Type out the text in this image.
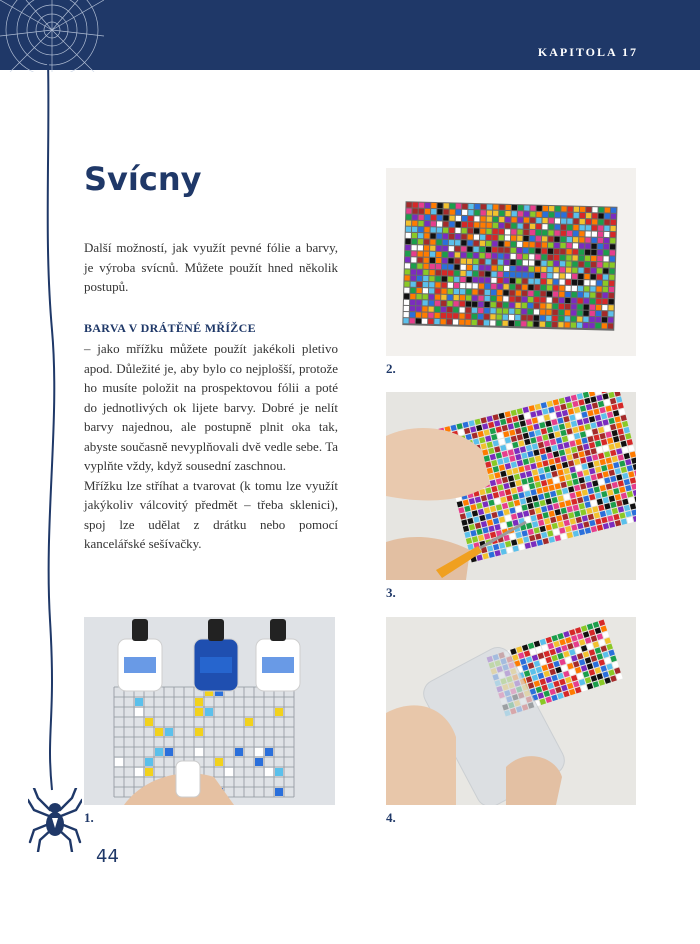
KAPITOLA 17
Svícny

Další možností, jak využít pevné fólie a barvy, je výroba svícnů. Můžete použít hned několik postupů.

BARVA V DRÁTĚNÉ MŘÍŽCE

– jako mřížku můžete použít jakékoli pletivo apod. Důležité je, aby bylo co nejplošší, protože ho musíte položit na prospektovou fólii a poté do jednotlivých ok lijete barvy. Dobré je nelít barvy najednou, ale postupně plnit oka tak, abyste současně nevyplňovali dvě vedle sebe. Ta vyplňte vždy, když sousední zaschnou.

Mřížku lze stříhat a tvarovat (k tomu lze využít jakýkoliv válcovitý předmět – třeba sklenici), spoj lze udělat z drátku nebo pomocí kancelářské sešívačky.

2.
3.
1.	4.
44
